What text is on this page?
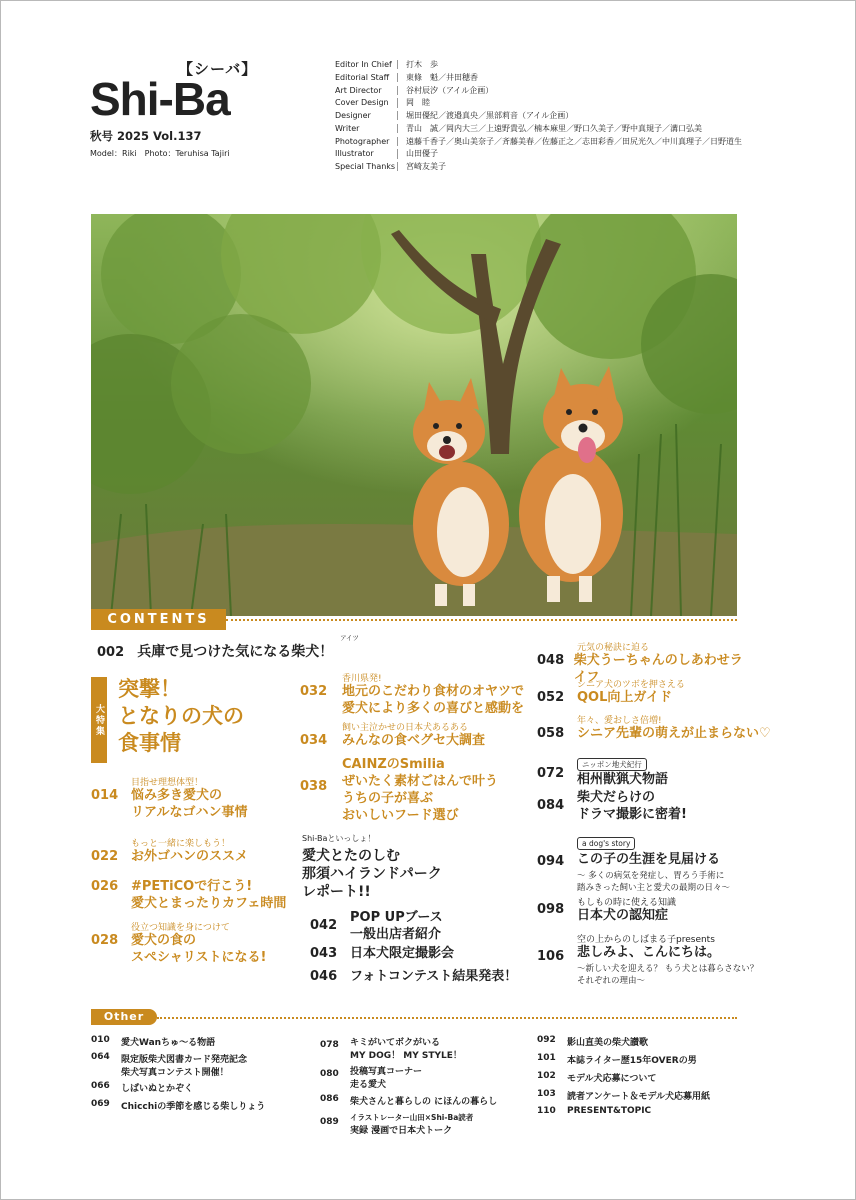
【シーバ】
Shi-Ba
秋号 2025 Vol.137
Model：Riki　Photo：Teruhisa Tajiri
Editor In Chief	打木　歩
Editorial Staff	東條　魁／井田穂香
Art Director	谷村辰汐（アイル企画）
Cover Design	岡　睦
Designer	堀田優紀／渡邉真央／黒部莉音（アイル企画）
Writer	青山　誠／岡内大三／上遠野貴弘／楠本麻里／野口久美子／野中真規子／溝口弘美
Photographer	遠藤千香子／奥山美奈子／斉藤美春／佐藤正之／志田彩香／田尻光久／中川真理子／日野道生
Illustrator	山田優子
Special Thanks	宮崎友美子
CONTENTS
002 兵庫で見つけた気になる柴犬！
アイツ
大特集
突撃！
となりの犬の
食事情
目指せ理想体型！
014 悩み多き愛犬の
リアルなゴハン事情
もっと一緒に楽しもう！
022 お外ゴハンのススメ
026 #PETiCOで行こう!
愛犬とまったりカフェ時間
役立つ知識を身につけて
028 愛犬の食の
スペシャリストになる!
香川県発!
032	地元のこだわり食材のオヤツで
愛犬により多くの喜びと感動を
飼い主泣かせの日本犬あるある
034	みんなの食ベグセ大調査
038
CAINZのSmilia
ぜいたく素材ごはんで叶う
うちの子が喜ぶ
おいしいフード選び
Shi-Baといっしょ！
愛犬とたのしむ
那須ハイランドパーク
レポート!!
042
POP UPブース
一般出店者紹介
043 日本犬限定撮影会
046 フォトコンテスト結果発表！
元気の秘訣に迫る
048 柴犬うーちゃんのしあわせライフ
シニア犬のツボを押さえる
052 QOL向上ガイド
年々、愛おしさ倍増!
058 シニア先輩の萌えが止まらない♡
ニッポン地犬紀行
072 相州獣猟犬物語
084
柴犬だらけの
ドラマ撮影に密着!
a dog's story
094 この子の生涯を見届ける
〜 多くの病気を発症し、胃ろう手術に
踏みきった飼い主と愛犬の最期の日々〜
もしもの時に使える知識
098 日本犬の認知症
空の上からのしばまる子presents
106 悲しみよ、こんにちは。
〜新しい犬を迎える？ もう犬とは暮らさない？
それぞれの理由〜
Other
010	愛犬Wanちゅ〜る物語
064	限定版柴犬図書カード発売記念
柴犬写真コンテスト開催！
066	しばいぬとかぞく
069	Chicchiの季節を感じる柴しりょう
078	キミがいてボクがいる
MY DOG！ MY STYLE！
080	投稿写真コーナー
走る愛犬
086	柴犬さんと暮らしの にほんの暮らし
089	イラストレーター山田×Shi-Ba読者
実録 漫画で日本犬トーク
092	影山直美の柴犬讃歌
101	本誌ライター歴15年OVERの男
102	モデル犬応募について
103	読者アンケート＆モデル犬応募用紙
110	PRESENT&TOPIC
